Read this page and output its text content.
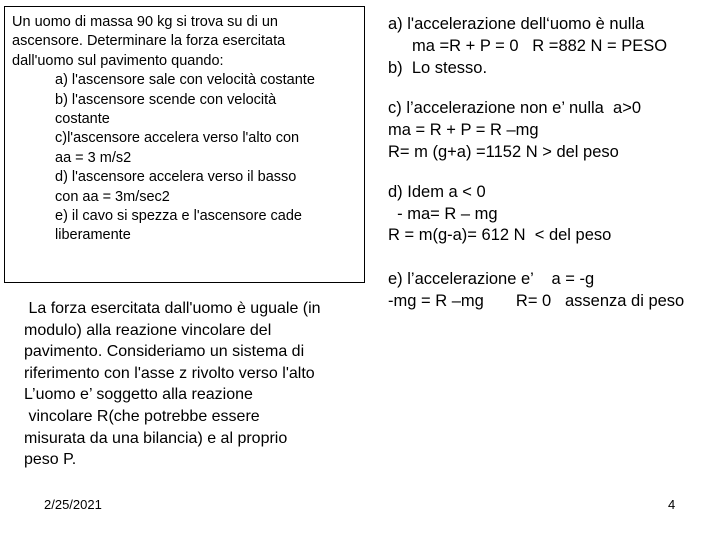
Un uomo di massa 90 kg si trova su di un
ascensore. Determinare la forza esercitata
dall'uomo sul pavimento quando:
a) l'ascensore sale con velocità costante
b) l'ascensore scende con velocità
costante
c)l'ascensore accelera verso l'alto con
aa = 3 m/s2
d) l'ascensore accelera verso il basso
con aa = 3m/sec2
e) il cavo si spezza e l'ascensore cade
liberamente
La forza esercitata dall'uomo è uguale (in
modulo) alla reazione vincolare del
pavimento. Consideriamo un sistema di
riferimento con l'asse z rivolto verso l'alto
L’uomo e’ soggetto alla reazione
vincolare R(che potrebbe essere
misurata da una bilancia) e al proprio
peso P.
a) l'accelerazione dell‘uomo è nulla
ma =R + P = 0   R =882 N = PESO
b)  Lo stesso.
c) l’accelerazione non e’ nulla  a>0
ma = R + P = R –mg
R= m (g+a) =1152 N > del peso
d) Idem a < 0
- ma= R – mg
R = m(g-a)= 612 N  < del peso
e) l’accelerazione e’    a = -g
-mg = R –mg       R= 0   assenza di peso
2/25/2021	4
